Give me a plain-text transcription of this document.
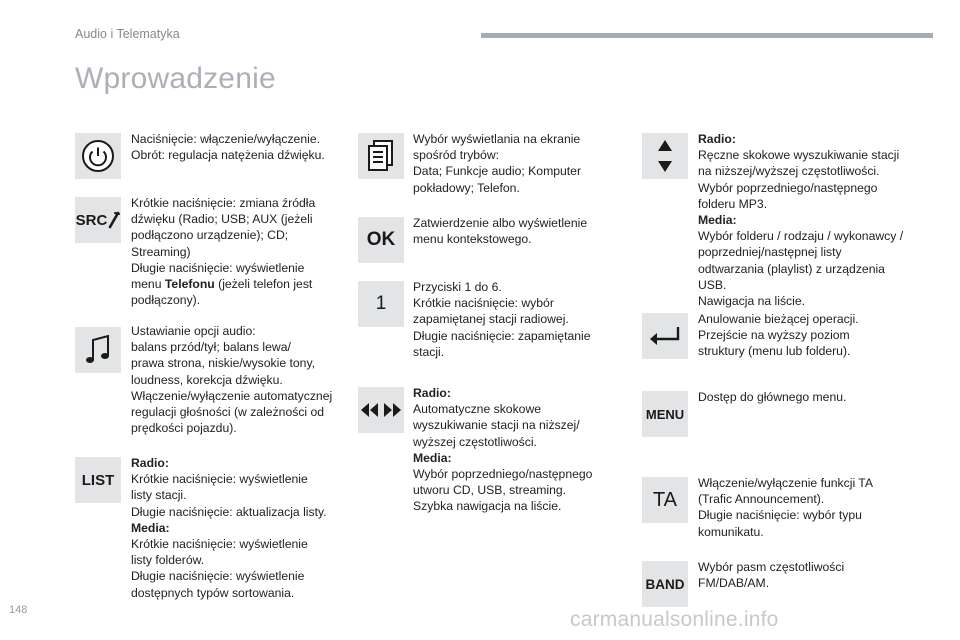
Audio i Telematyka
Wprowadzenie

Naciśnięcie: włączenie/wyłączenie.

Obrót: regulacja natężenia dźwięku.

SRC

Krótkie naciśnięcie: zmiana źródła

dźwięku (Radio; USB; AUX (jeżeli

podłączono urządzenie); CD;

Streaming)

Długie naciśnięcie: wyświetlenie

menu Telefonu (jeżeli telefon jest

podłączony).

Ustawianie opcji audio:

balans przód/tył; balans lewa/

prawa strona, niskie/wysokie tony,

loudness, korekcja dźwięku.

Włączenie/wyłączenie automatycznej

regulacji głośności (w zależności od

prędkości pojazdu).

LIST

Radio:

Krótkie naciśnięcie: wyświetlenie

listy stacji.

Długie naciśnięcie: aktualizacja listy.

Media:

Krótkie naciśnięcie: wyświetlenie

listy folderów.

Długie naciśnięcie: wyświetlenie

dostępnych typów sortowania.

Wybór wyświetlania na ekranie

spośród trybów:

Data; Funkcje audio; Komputer

pokładowy; Telefon.

OK

Zatwierdzenie albo wyświetlenie

menu kontekstowego.

1

Przyciski 1 do 6.

Krótkie naciśnięcie: wybór

zapamiętanej stacji radiowej.

Długie naciśnięcie: zapamiętanie

stacji.

Radio:

Automatyczne skokowe

wyszukiwanie stacji na niższej/

wyższej częstotliwości.

Media:

Wybór poprzedniego/następnego

utworu CD, USB, streaming.

Szybka nawigacja na liście.

Radio:

Ręczne skokowe wyszukiwanie stacji

na niższej/wyższej częstotliwości.

Wybór poprzedniego/następnego

folderu MP3.

Media:

Wybór folderu / rodzaju / wykonawcy /

poprzedniej/następnej listy

odtwarzania (playlist) z urządzenia

USB.

Nawigacja na liście.

Anulowanie bieżącej operacji.

Przejście na wyższy poziom

struktury (menu lub folderu).

MENU

Dostęp do głównego menu.

TA

Włączenie/wyłączenie funkcji TA

(Trafic Announcement).

Długie naciśnięcie: wybór typu

komunikatu.

BAND

Wybór pasm częstotliwości

FM/DAB/AM.

148	carmanualsonline.info
